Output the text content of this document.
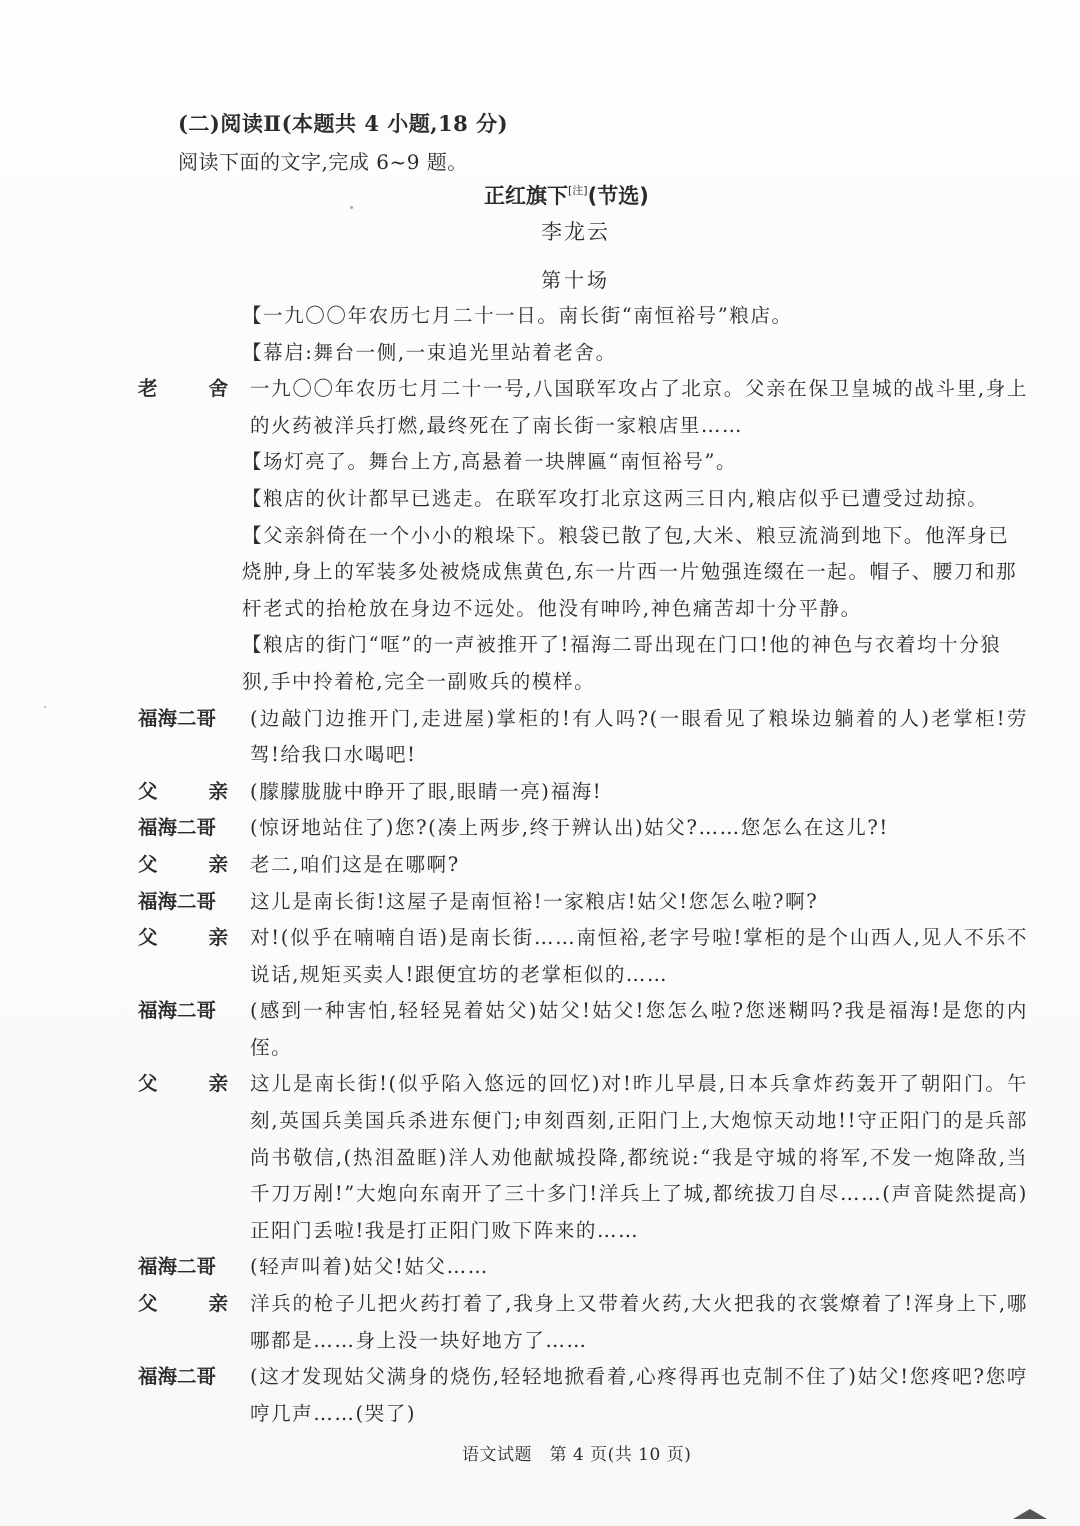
(二)阅读Ⅱ(本题共 4 小题,18 分)
阅读下面的文字,完成 6~9 题。
正红旗下[注](节选)
李龙云
第十场
【一九〇〇年农历七月二十一日。南长街“南恒裕号”粮店。
【幕启:舞台一侧,一束追光里站着老舍。
老	舍 一九〇〇年农历七月二十一号,八国联军攻占了北京。父亲在保卫皇城的战斗里,身上的火药被洋兵打燃,最终死在了南长街一家粮店里……
【场灯亮了。舞台上方,高悬着一块牌匾“南恒裕号”。
【粮店的伙计都早已逃走。在联军攻打北京这两三日内,粮店似乎已遭受过劫掠。
【父亲斜倚在一个小小的粮垛下。粮袋已散了包,大米、粮豆流淌到地下。他浑身已烧肿,身上的军装多处被烧成焦黄色,东一片西一片勉强连缀在一起。帽子、腰刀和那杆老式的抬枪放在身边不远处。他没有呻吟,神色痛苦却十分平静。
【粮店的街门“哐”的一声被推开了!福海二哥出现在门口!他的神色与衣着均十分狼狈,手中拎着枪,完全一副败兵的模样。
福海二哥	(边敲门边推开门,走进屋)掌柜的!有人吗?(一眼看见了粮垛边躺着的人)老掌柜!劳驾!给我口水喝吧!
父	亲 (朦朦胧胧中睁开了眼,眼睛一亮)福海!
福海二哥	(惊讶地站住了)您?(凑上两步,终于辨认出)姑父?……您怎么在这儿?!
父	亲 老二,咱们这是在哪啊?
福海二哥	这儿是南长街!这屋子是南恒裕!一家粮店!姑父!您怎么啦?啊?
父	亲 对!(似乎在喃喃自语)是南长街……南恒裕,老字号啦!掌柜的是个山西人,见人不乐不说话,规矩买卖人!跟便宜坊的老掌柜似的……
福海二哥	(感到一种害怕,轻轻晃着姑父)姑父!姑父!您怎么啦?您迷糊吗?我是福海!是您的内侄。
父	亲 这儿是南长街!(似乎陷入悠远的回忆)对!昨儿早晨,日本兵拿炸药轰开了朝阳门。午刻,英国兵美国兵杀进东便门;申刻酉刻,正阳门上,大炮惊天动地!!守正阳门的是兵部尚书敬信,(热泪盈眶)洋人劝他献城投降,都统说:“我是守城的将军,不发一炮降敌,当千刀万剐!”大炮向东南开了三十多门!洋兵上了城,都统拔刀自尽……(声音陡然提高)正阳门丢啦!我是打正阳门败下阵来的……
福海二哥	(轻声叫着)姑父!姑父……
父	亲 洋兵的枪子儿把火药打着了,我身上又带着火药,大火把我的衣裳燎着了!浑身上下,哪哪都是……身上没一块好地方了……
福海二哥	(这才发现姑父满身的烧伤,轻轻地掀看着,心疼得再也克制不住了)姑父!您疼吧?您哼哼几声……(哭了)
语文试题　第 4 页(共 10 页)
